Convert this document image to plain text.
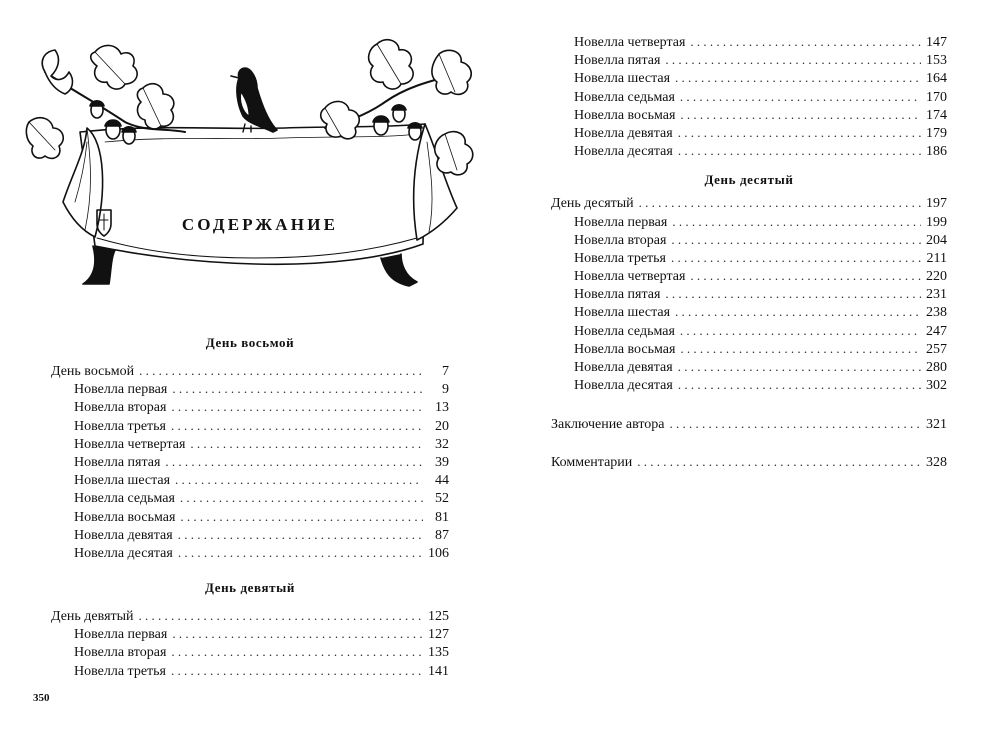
СОДЕРЖАНИЕ
День восьмой
День восьмой . . .	7
Новелла первая . . .	9
Новелла вторая . . .	13
Новелла третья . . .	20
Новелла четвертая . . .	32
Новелла пятая . . .	39
Новелла шестая . . .	44
Новелла седьмая . . .	52
Новелла восьмая . . .	81
Новелла девятая . . .	87
Новелла десятая . . .	106
День девятый
День девятый . . .	125
Новелла первая . . .	127
Новелла вторая . . .	135
Новелла третья . . .	141
Новелла четвертая . . .	147
Новелла пятая . . .	153
Новелла шестая . . .	164
Новелла седьмая . . .	170
Новелла восьмая . . .	174
Новелла девятая . . .	179
Новелла десятая . . .	186
День десятый
День десятый . . .	197
Новелла первая . . .	199
Новелла вторая . . .	204
Новелла третья . . .	211
Новелла четвертая . . .	220
Новелла пятая . . .	231
Новелла шестая . . .	238
Новелла седьмая . . .	247
Новелла восьмая . . .	257
Новелла девятая . . .	280
Новелла десятая . . .	302
Заключение автора . . .	321
Комментарии . . .	328
350
